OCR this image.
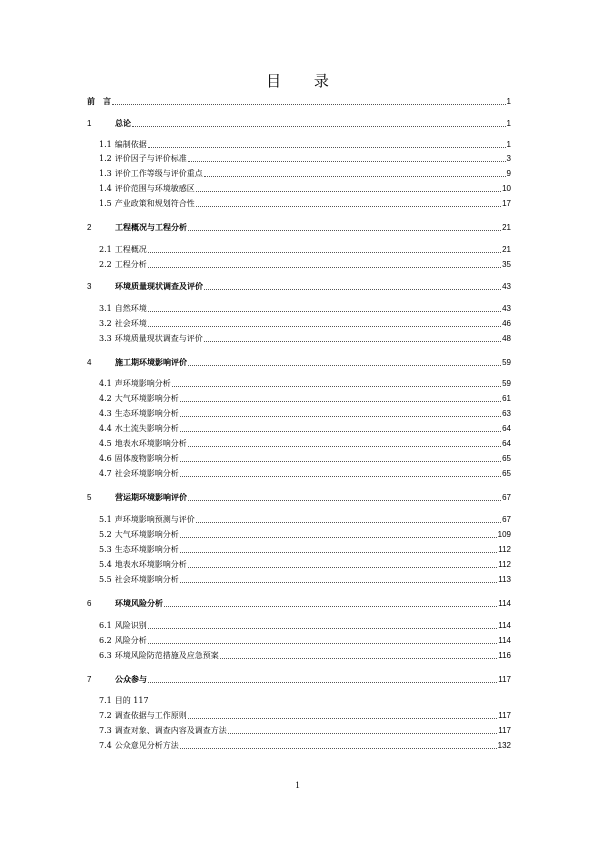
目 录
前　言	1
1	总论	1
1.1 编制依据	1
1.2 评价因子与评价标准	3
1.3 评价工作等级与评价重点	9
1.4 评价范围与环境敏感区	10
1.5 产业政策和规划符合性	17
2	工程概况与工程分析	21
2.1 工程概况	21
2.2 工程分析	35
3	环境质量现状调查及评价	43
3.1 自然环境	43
3.2 社会环境	46
3.3 环境质量现状调查与评价	48
4	施工期环境影响评价	59
4.1 声环境影响分析	59
4.2 大气环境影响分析	61
4.3 生态环境影响分析	63
4.4 水土流失影响分析	64
4.5 地表水环境影响分析	64
4.6 固体废物影响分析	65
4.7 社会环境影响分析	65
5	营运期环境影响评价	67
5.1 声环境影响预测与评价	67
5.2 大气环境影响分析	109
5.3 生态环境影响分析	112
5.4 地表水环境影响分析	112
5.5 社会环境影响分析	113
6	环境风险分析	114
6.1 风险识别	114
6.2 风险分析	114
6.3 环境风险防范措施及应急预案	116
7	公众参与	117
7.1 目的 117
7.2 调查依据与工作原则	117
7.3 调查对象、调查内容及调查方法	117
7.4 公众意见分析方法	132
1
